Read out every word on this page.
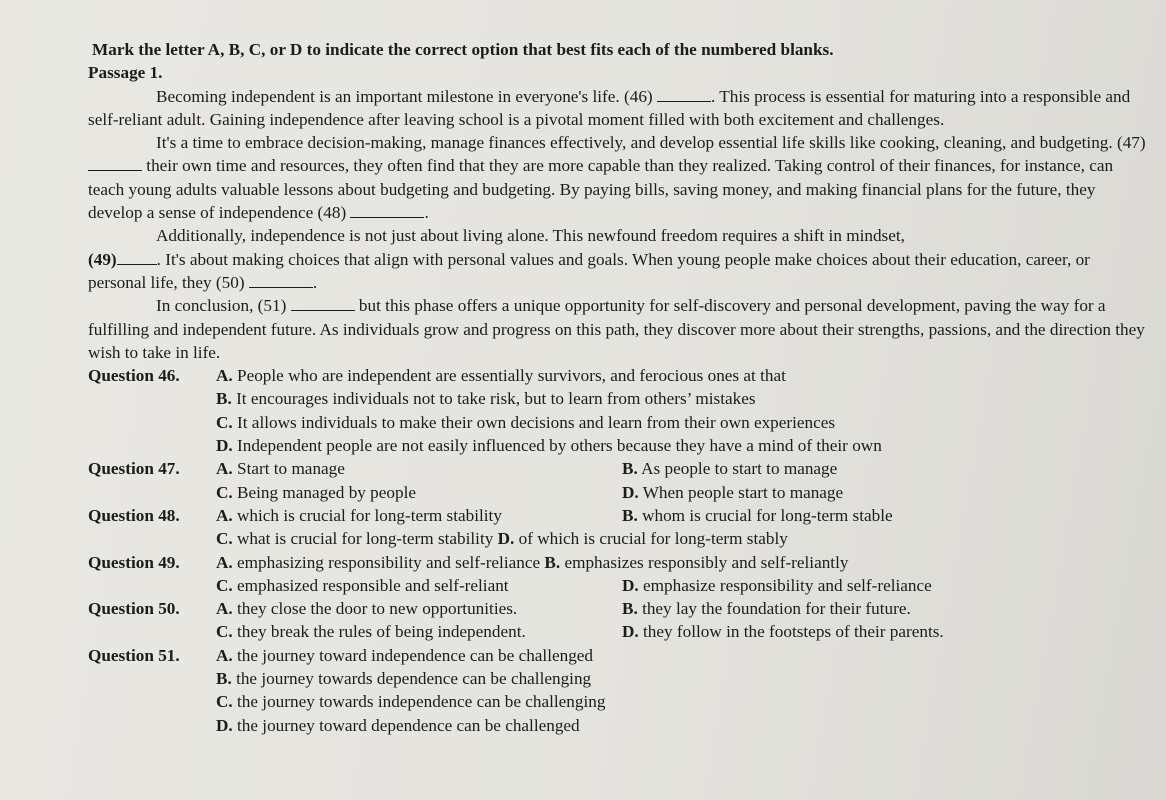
Mark the letter A, B, C, or D to indicate the correct option that best fits each of the numbered blanks.
Passage 1.

Becoming independent is an important milestone in everyone's life. (46)	. This process is essential for maturing into a responsible and self-reliant adult. Gaining independence after leaving school is a pivotal moment filled with both excitement and challenges.

It's a time to embrace decision-making, manage finances effectively, and develop essential life skills like cooking, cleaning, and budgeting. (47)  their own time and resources, they often find that they are more capable than they realized. Taking control of their finances, for instance, can teach young adults valuable lessons about budgeting and budgeting. By paying bills, saving money, and making financial plans for the future, they develop a sense of independence (48)	.

Additionally, independence is not just about living alone. This newfound freedom requires a shift in mindset,
(49) . It's about making choices that align with personal values and goals. When young people make choices about their education, career, or personal life, they (50)	.

In conclusion, (51)	but this phase offers a unique opportunity for self-discovery and personal development, paving the way for a fulfilling and independent future. As individuals grow and progress on this path, they discover more about their strengths, passions, and the direction they wish to take in life.

Question 46.	A. People who are independent are essentially survivors, and ferocious ones at that
B. It encourages individuals not to take risk, but to learn from others’ mistakes
C. It allows individuals to make their own decisions and learn from their own experiences
D. Independent people are not easily influenced by others because they have a mind of their own
Question 47.	A. Start to manage	B. As people to start to manage
C. Being managed by people	D. When people start to manage
Question 48.	A. which is crucial for long-term stability	B. whom is crucial for long-term stable
C. what is crucial for long-term stability
D. of which is crucial for long-term stably
Question 49.	A. emphasizing responsibility and self-reliance
B. emphasizes responsibly and self-reliantly
C. emphasized responsible and self-reliant	D. emphasize responsibility and self-reliance
Question 50.	A. they close the door to new opportunities.	B. they lay the foundation for their future.
C. they break the rules of being independent.	D. they follow in the footsteps of their parents.
Question 51.	A. the journey toward independence can be challenged
B. the journey towards dependence can be challenging
C. the journey towards independence can be challenging
D. the journey toward dependence can be challenged
